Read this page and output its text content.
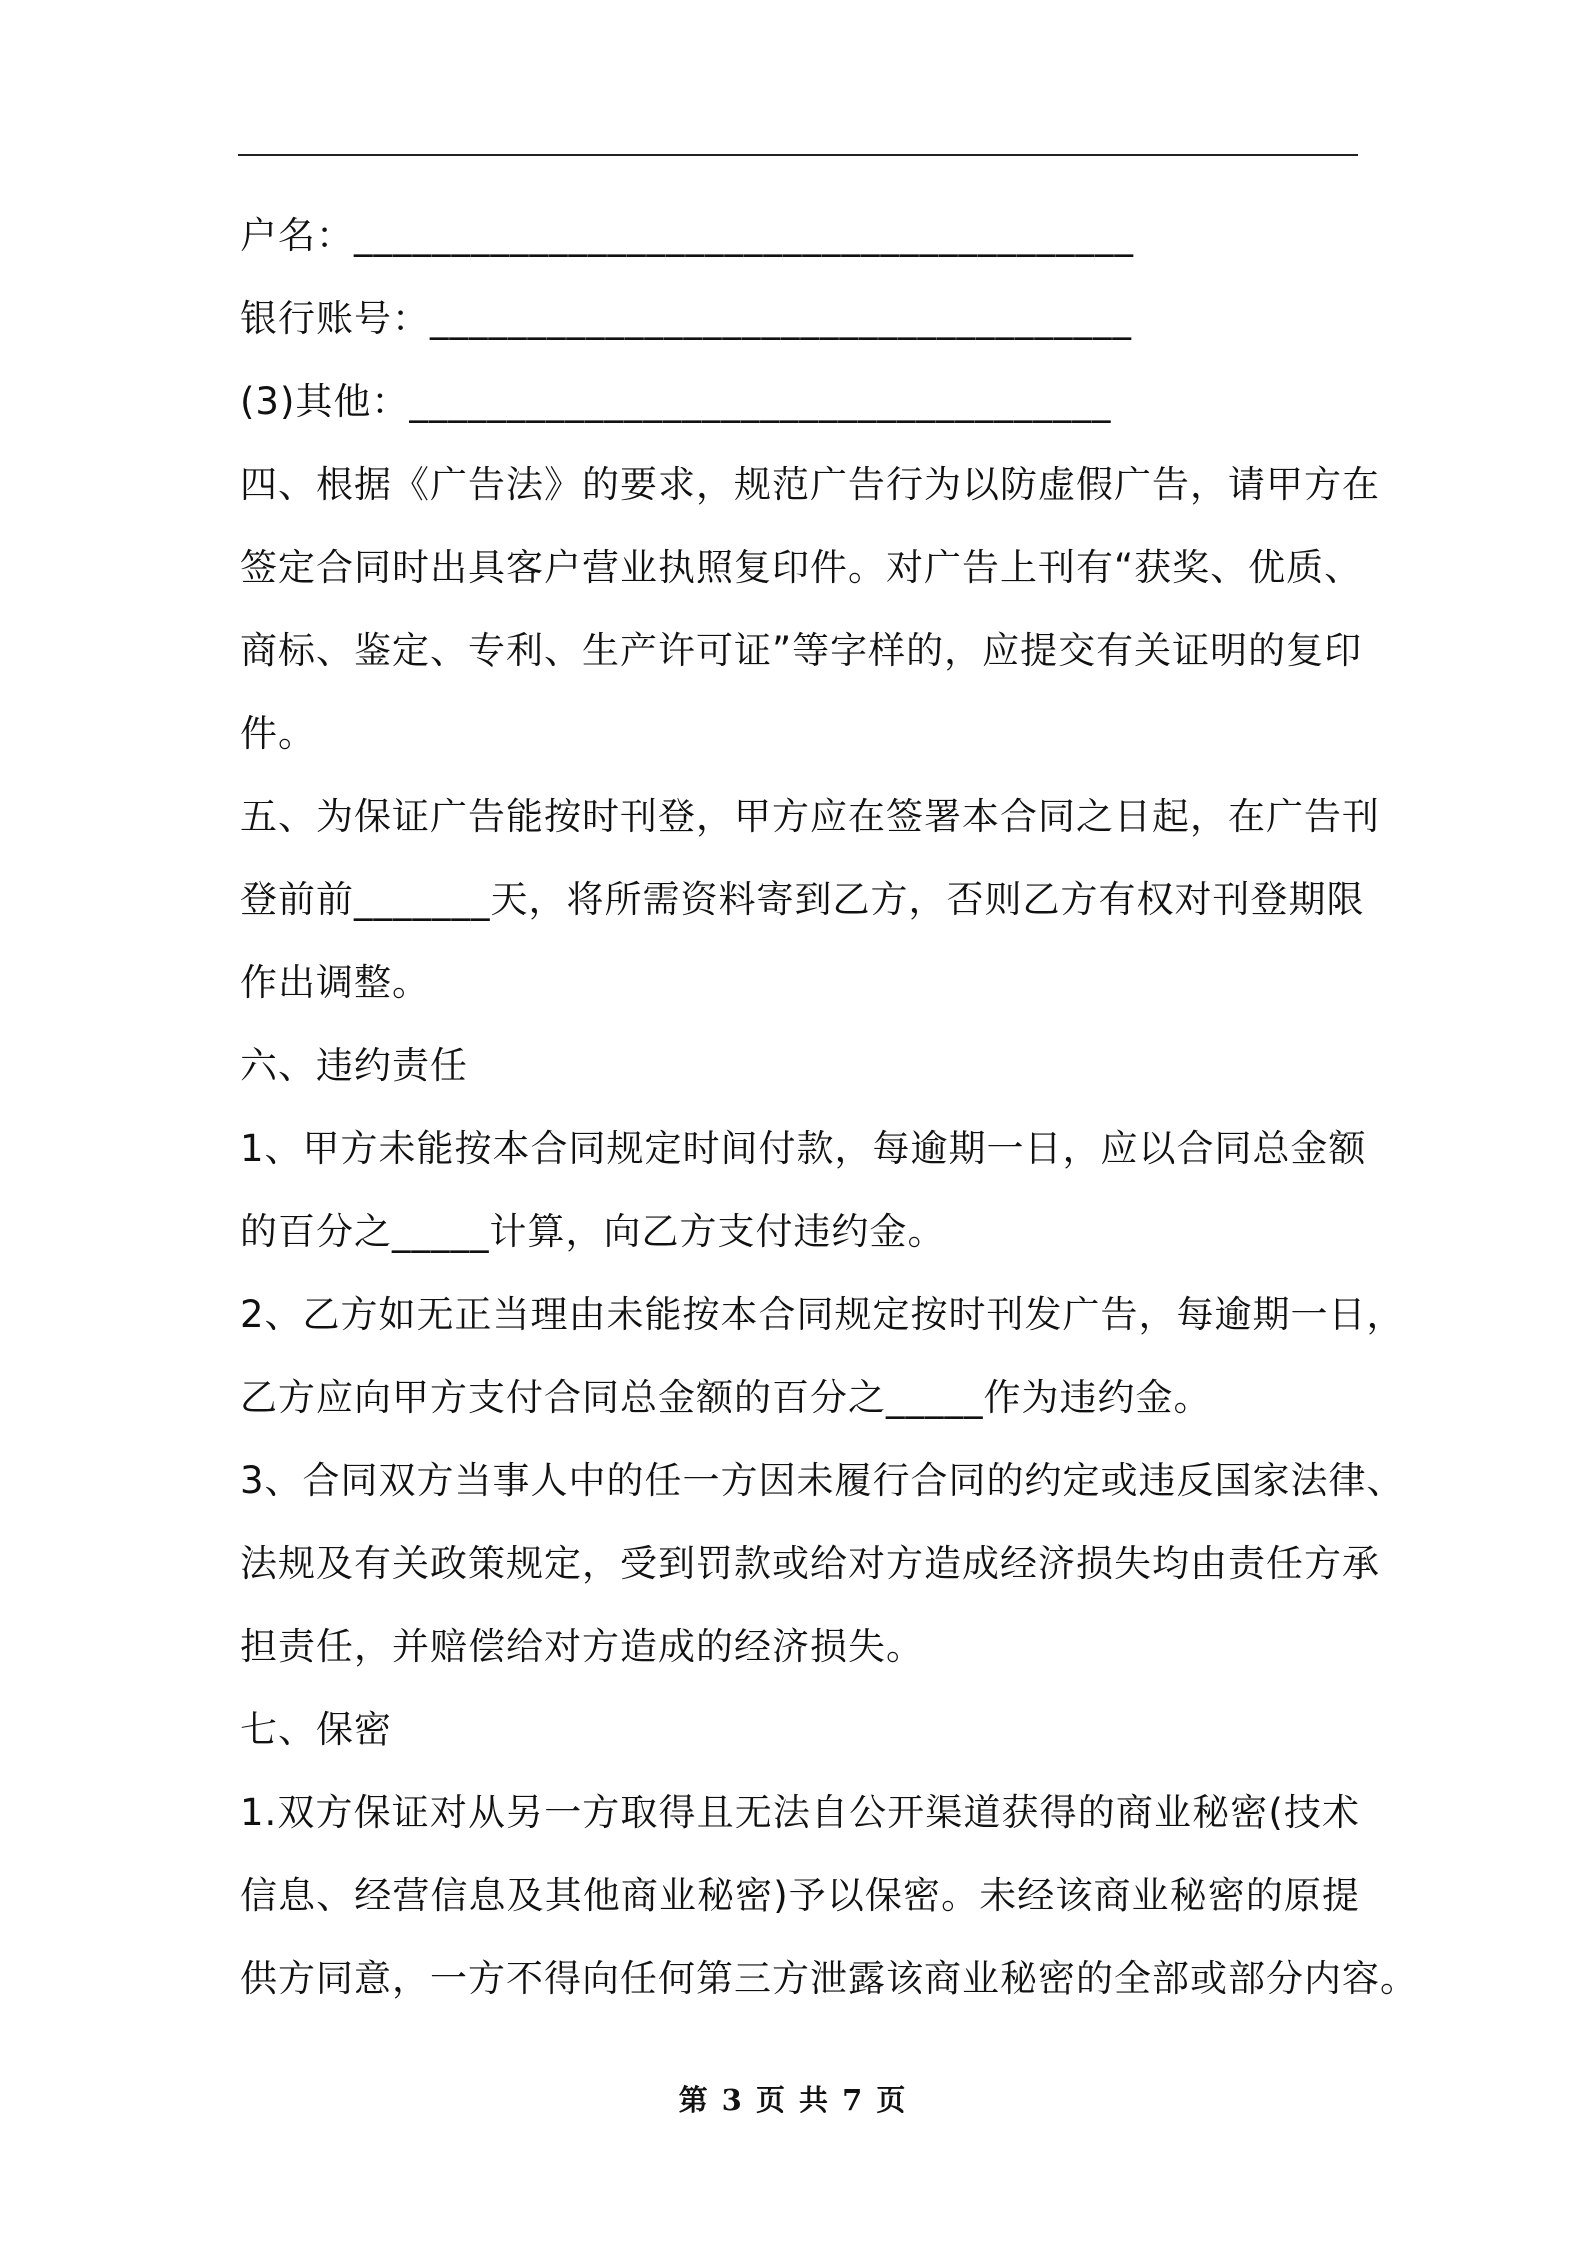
户名：________________________________________
银行账号：____________________________________
(3)其他：____________________________________
四、根据《广告法》的要求，规范广告行为以防虚假广告，请甲方在
签定合同时出具客户营业执照复印件。对广告上刊有“获奖、优质、
商标、鉴定、专利、生产许可证”等字样的，应提交有关证明的复印
件。
五、为保证广告能按时刊登，甲方应在签署本合同之日起，在广告刊
登前前_______天，将所需资料寄到乙方，否则乙方有权对刊登期限
作出调整。
六、违约责任
1、甲方未能按本合同规定时间付款，每逾期一日，应以合同总金额
的百分之_____计算，向乙方支付违约金。
2、乙方如无正当理由未能按本合同规定按时刊发广告，每逾期一日，
乙方应向甲方支付合同总金额的百分之_____作为违约金。
3、合同双方当事人中的任一方因未履行合同的约定或违反国家法律、
法规及有关政策规定，受到罚款或给对方造成经济损失均由责任方承
担责任，并赔偿给对方造成的经济损失。
七、保密
1.双方保证对从另一方取得且无法自公开渠道获得的商业秘密(技术
信息、经营信息及其他商业秘密)予以保密。未经该商业秘密的原提
供方同意，一方不得向任何第三方泄露该商业秘密的全部或部分内容。
第 3 页 共 7 页
